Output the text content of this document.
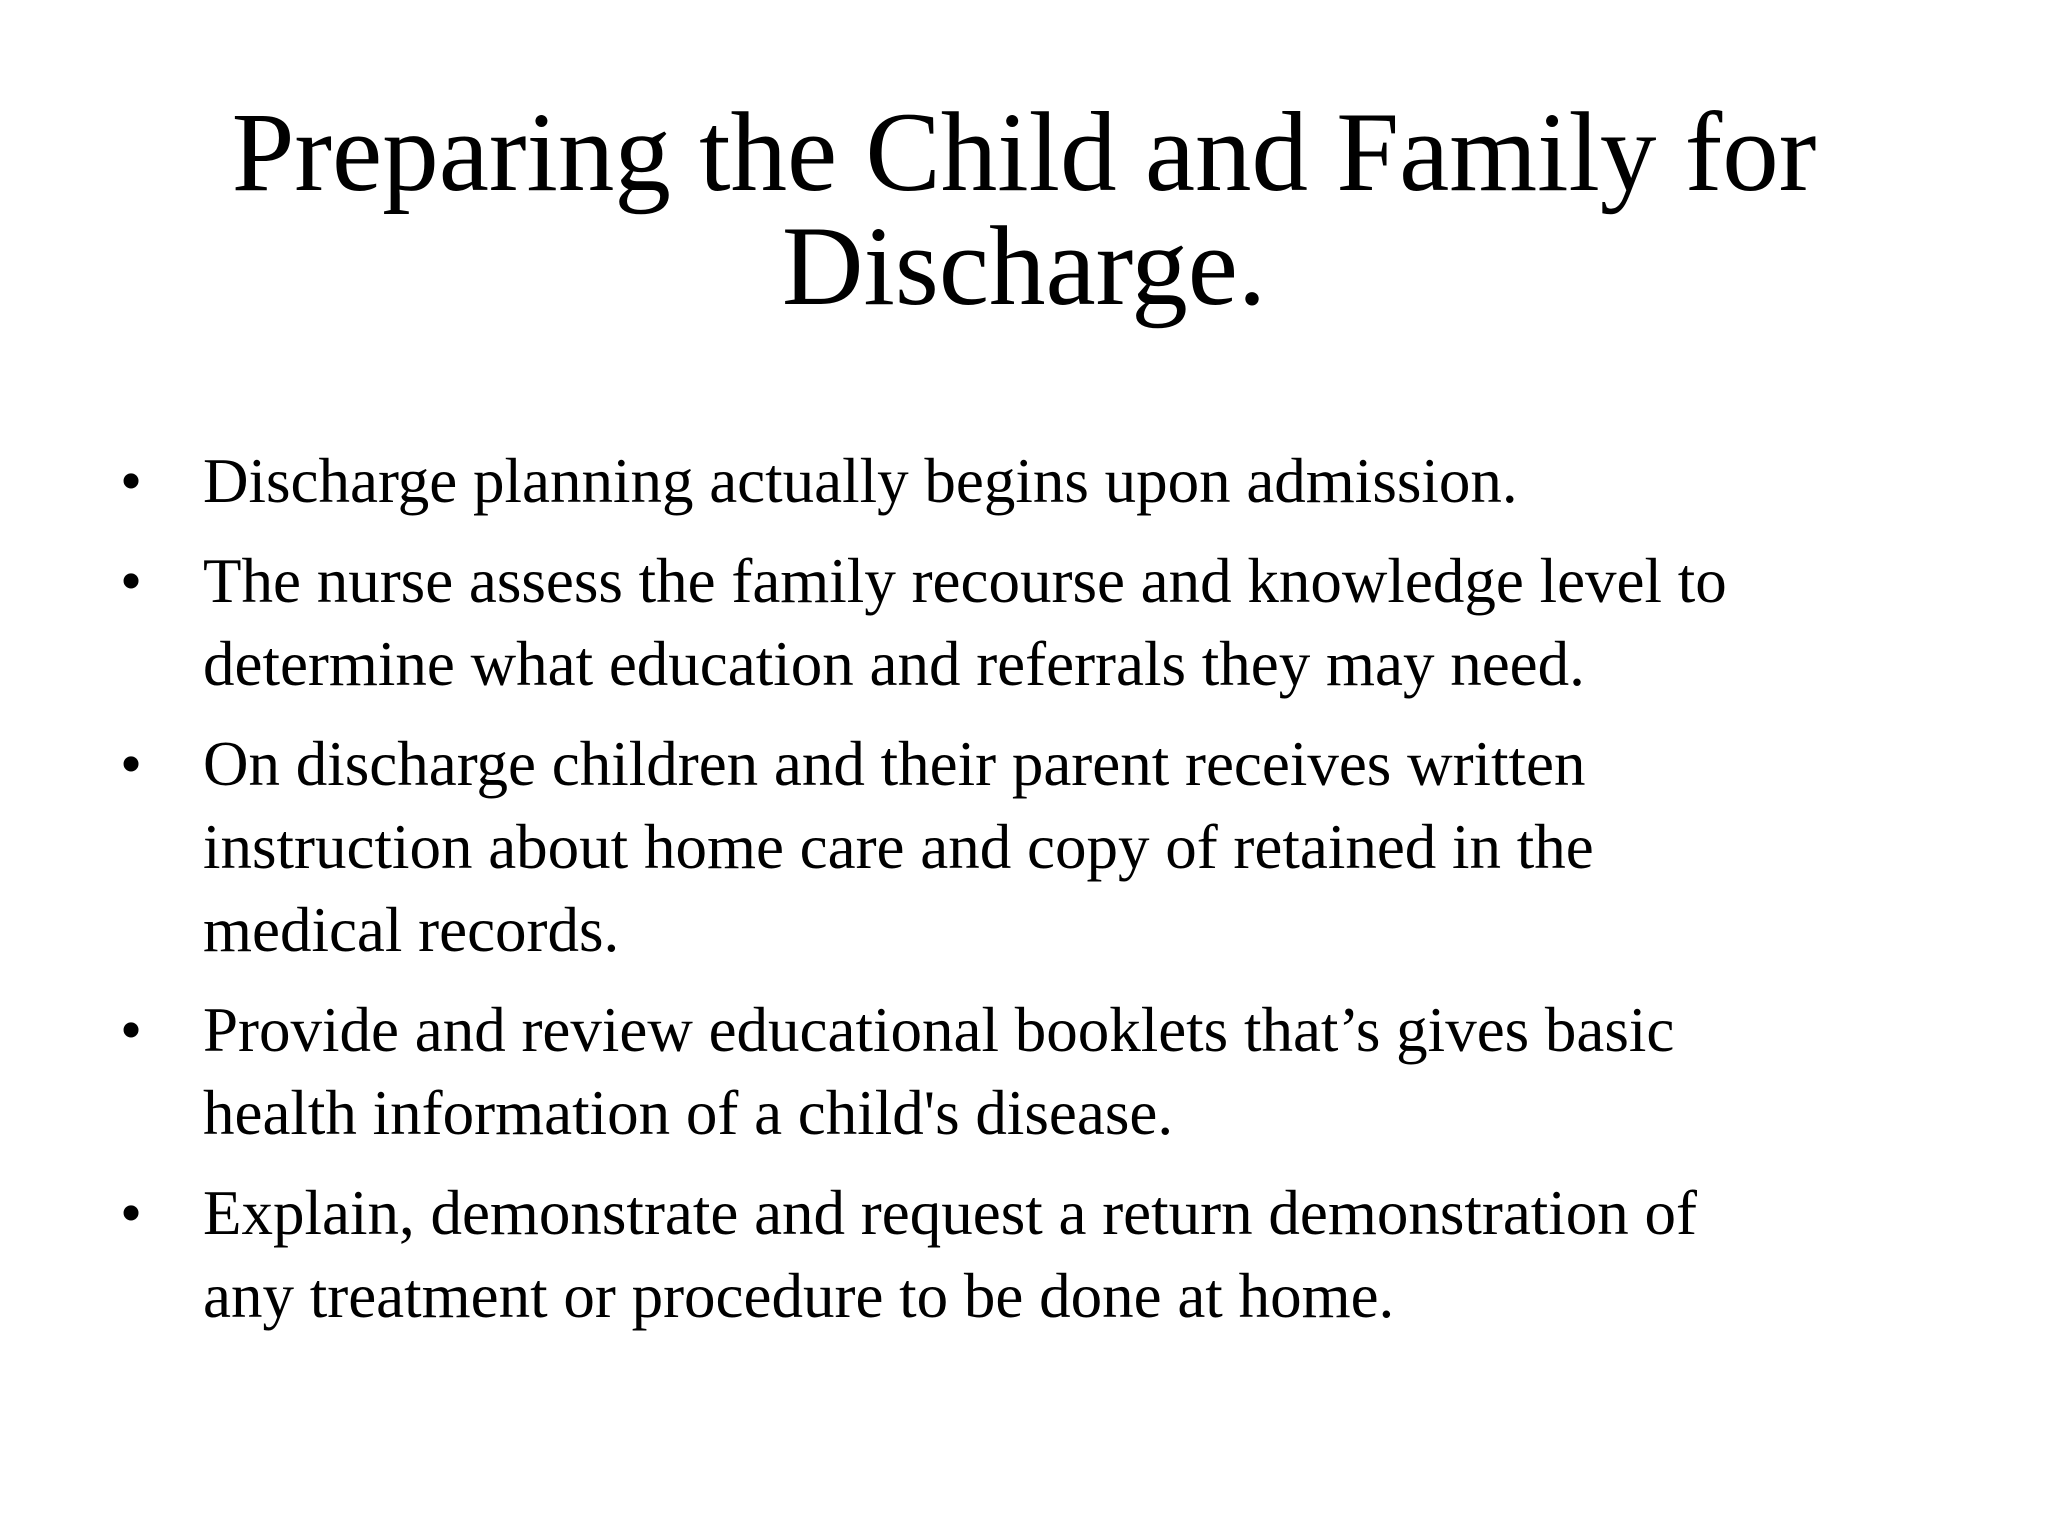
Preparing the Child and Family for
Discharge.
• Discharge planning actually begins upon admission.
• The nurse assess the family recourse and knowledge level to
determine what education and referrals they may need.
• On discharge children and their parent receives written
instruction about home care and copy of retained in the
medical records.
• Provide and review educational booklets that’s gives basic
health information of a child's disease.
• Explain, demonstrate and request a return demonstration of
any treatment or procedure to be done at home.
